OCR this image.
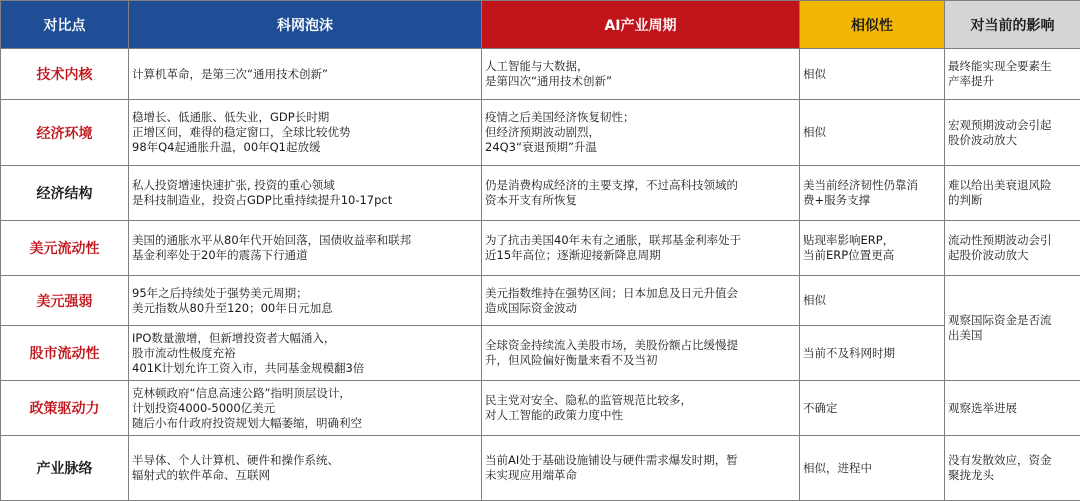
对比点	科网泡沫	AI产业周期	相似性	对当前的影响
技术内核	计算机革命，是第三次“通用技术创新”	人工智能与大数据，
是第四次“通用技术创新”	相似	最终能实现全要素生
产率提升
经济环境	稳增长、低通胀、低失业，GDP长时期
正增区间，难得的稳定窗口，全球比较优势
98年Q4起通胀升温，00年Q1起放缓	疫情之后美国经济恢复韧性；
但经济预期波动剧烈，
24Q3“衰退预期”升温	相似	宏观预期波动会引起
股价波动放大
经济结构	私人投资增速快速扩张, 投资的重心领域
是科技制造业，投资占GDP比重持续提升10-17pct	仍是消费构成经济的主要支撑，不过高科技领域的
资本开支有所恢复	美当前经济韧性仍靠消
费+服务支撑	难以给出美衰退风险
的判断
美元流动性	美国的通胀水平从80年代开始回落，国债收益率和联邦
基金利率处于20年的震荡下行通道	为了抗击美国40年未有之通胀，联邦基金利率处于
近15年高位；逐渐迎接新降息周期	贴现率影响ERP，
当前ERP位置更高	流动性预期波动会引
起股价波动放大
美元强弱	95年之后持续处于强势美元周期；
美元指数从80升至120；00年日元加息	美元指数维持在强势区间；日本加息及日元升值会
造成国际资金波动	相似	观察国际资金是否流
出美国
股市流动性	IPO数量激增，但新增投资者大幅涌入，
股市流动性极度充裕
401K计划允许工资入市，共同基金规模翻3倍	全球资金持续流入美股市场，美股份额占比缓慢提
升，但风险偏好衡量来看不及当初	当前不及科网时期	
政策驱动力	克林顿政府“信息高速公路”指明顶层设计，
计划投资4000-5000亿美元
随后小布什政府投资规划大幅萎缩，明确利空	民主党对安全、隐私的监管规范比较多，
对人工智能的政策力度中性	不确定	观察选举进展
产业脉络	半导体、个人计算机、硬件和操作系统、
辐射式的软件革命、互联网	当前AI处于基础设施铺设与硬件需求爆发时期，暂
未实现应用端革命	相似，进程中	没有发散效应，资金
聚拢龙头
